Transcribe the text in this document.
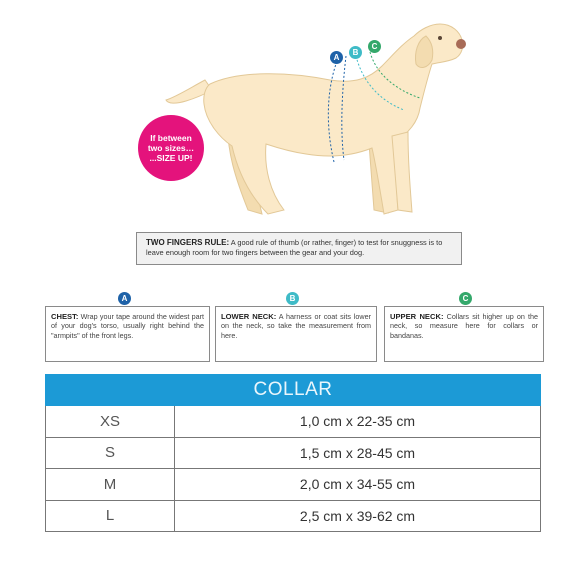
A
B
C
If between
two sizes…
...SIZE UP!
TWO FINGERS RULE: A good rule of thumb (or rather, finger) to test for snuggness is to leave enough room for two fingers between the gear and your dog.
A
CHEST: Wrap your tape around the widest part of your dog's torso, usually right behind the "armpits" of the front legs.
B
LOWER NECK: A harness or coat sits lower on the neck, so take the measurement from here.
C
UPPER NECK: Collars sit higher up on the neck, so measure here for collars or bandanas.
COLLAR
XS	1,0 cm x 22-35 cm
S	1,5 cm x 28-45 cm
M	2,0 cm x 34-55 cm
L	2,5 cm x 39-62 cm
